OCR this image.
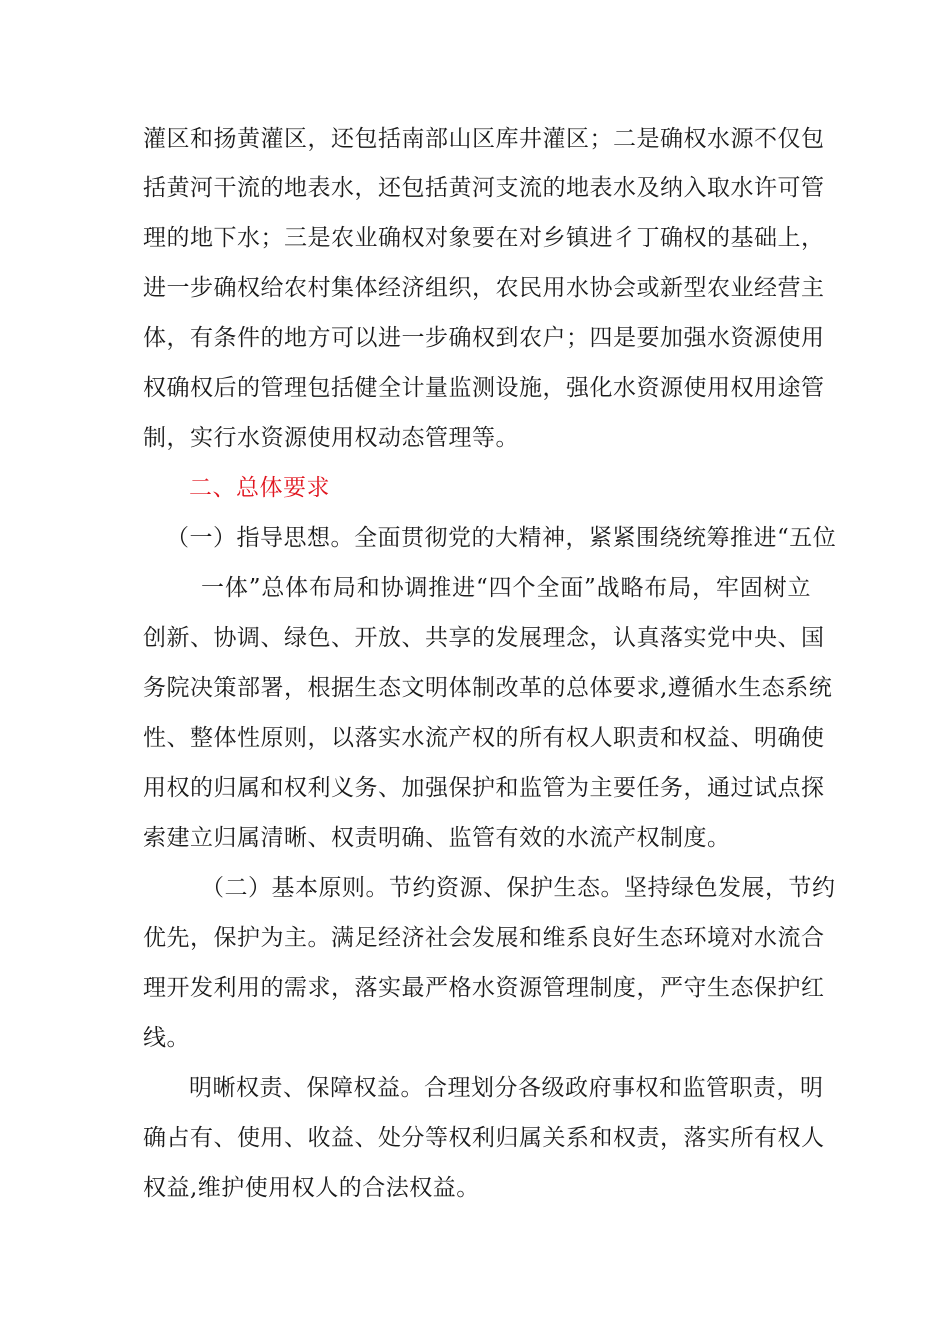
灌区和扬黄灌区，还包括南部山区库井灌区；二是确权水源不仅包
括黄河干流的地表水，还包括黄河支流的地表水及纳入取水许可管
理的地下水；三是农业确权对象要在对乡镇进彳丁确权的基础上，
进一步确权给农村集体经济组织，农民用水协会或新型农业经营主
体，有条件的地方可以进一步确权到农户；四是要加强水资源使用
权确权后的管理包括健全计量监测设施，强化水资源使用权用途管
制，实行水资源使用权动态管理等。
二、总体要求
（一）指导思想。全面贯彻党的大精神，紧紧围绕统筹推进“五位
一体”总体布局和协调推进“四个全面”战略布局，牢固树立
创新、协调、绿色、开放、共享的发展理念，认真落实党中央、国
务院决策部署，根据生态文明体制改革的总体要求,遵循水生态系统
性、整体性原则，以落实水流产权的所有权人职责和权益、明确使
用权的归属和权利义务、加强保护和监管为主要任务，通过试点探
索建立归属清晰、权责明确、监管有效的水流产权制度。
（二）基本原则。节约资源、保护生态。坚持绿色发展，节约
优先，保护为主。满足经济社会发展和维系良好生态环境对水流合
理开发利用的需求，落实最严格水资源管理制度，严守生态保护红
线。
明晰权责、保障权益。合理划分各级政府事权和监管职责，明
确占有、使用、收益、处分等权利归属关系和权责，落实所有权人
权益,维护使用权人的合法权益。
